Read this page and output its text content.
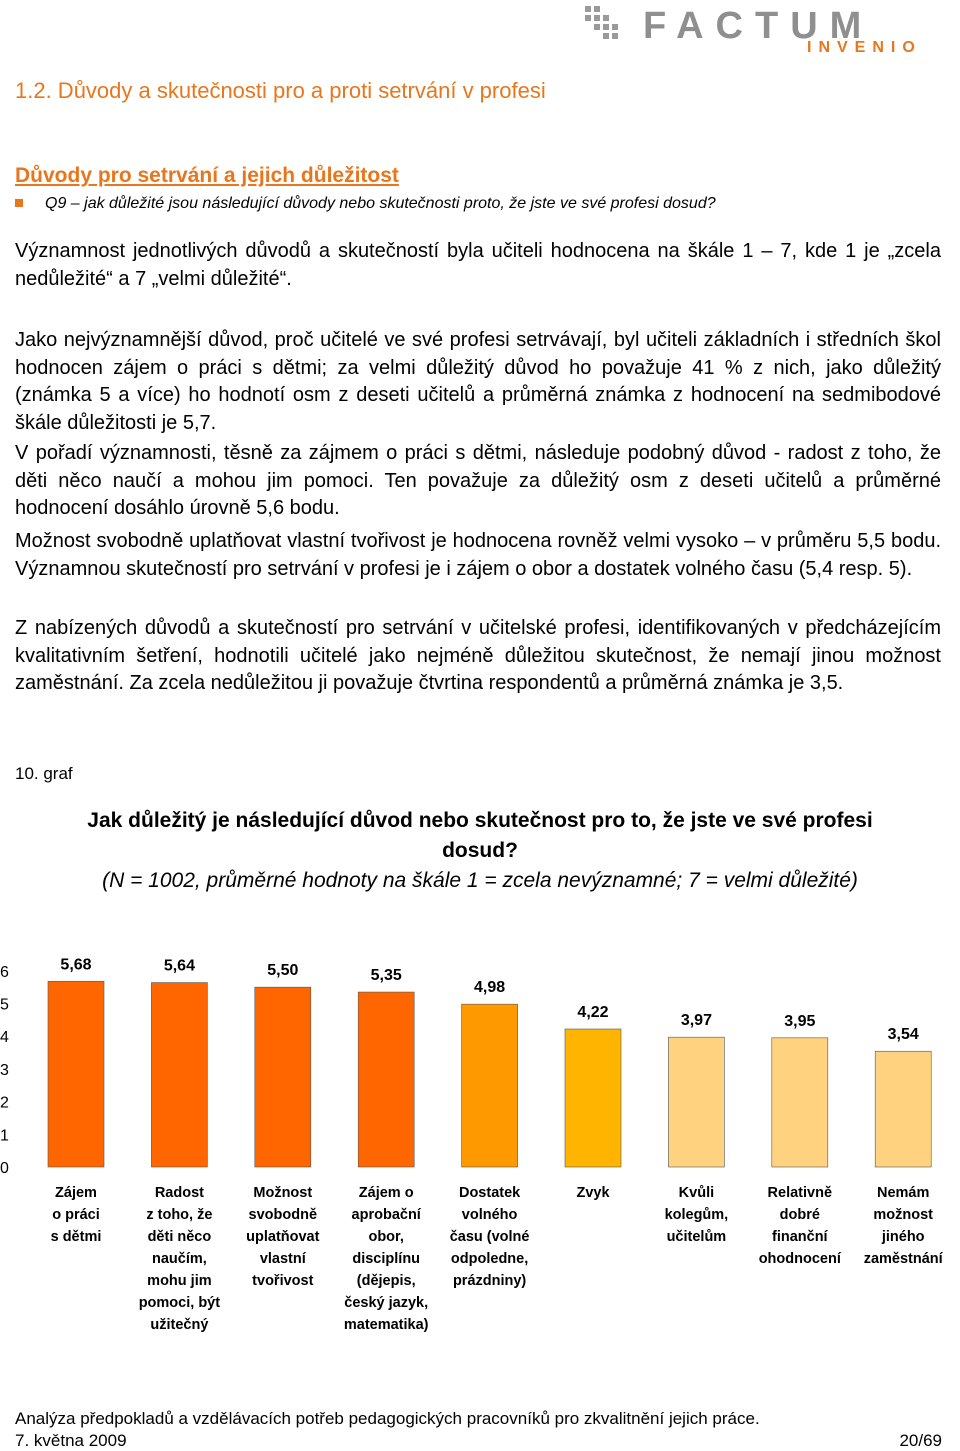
FACTUM
INVENIO
1.2. Důvody a skutečnosti pro a proti setrvání v profesi
Důvody pro setrvání a jejich důležitost
Q9 – jak důležité jsou následující důvody nebo skutečnosti proto, že jste ve své profesi dosud?

Významnost jednotlivých důvodů a skutečností byla učiteli hodnocena na škále 1 – 7, kde 1 je „zcela nedůležité“ a 7 „velmi důležité“.

Jako nejvýznamnější důvod, proč učitelé ve své profesi setrvávají, byl učiteli základních i středních škol hodnocen zájem o práci s dětmi; za velmi důležitý důvod ho považuje 41 % z nich, jako důležitý (známka 5 a více) ho hodnotí osm z deseti učitelů a průměrná známka z hodnocení na sedmibodové škále důležitosti je 5,7.

V pořadí významnosti, těsně za zájmem o práci s dětmi, následuje podobný důvod - radost z toho, že děti něco naučí a mohou jim pomoci. Ten považuje za důležitý osm z deseti učitelů a průměrné hodnocení dosáhlo úrovně 5,6 bodu.

Možnost svobodně uplatňovat vlastní tvořivost je hodnocena rovněž velmi vysoko – v průměru 5,5 bodu. Významnou skutečností pro setrvání v profesi je i zájem o obor a dostatek volného času (5,4 resp. 5).

Z nabízených důvodů a skutečností pro setrvání v učitelské profesi, identifikovaných v předcházejícím kvalitativním šetření, hodnotili učitelé jako nejméně důležitou skutečnost, že nemají jinou možnost zaměstnání. Za zcela nedůležitou ji považuje čtvrtina respondentů a průměrná známka je 3,5.

10. graf
Jak důležitý je následující důvod nebo skutečnost pro to, že jste ve své profesi dosud?
(N = 1002, průměrné hodnoty na škále 1 = zcela nevýznamné; 7 = velmi důležité)
0
1
2
3
4
5
6	5,68
Zájem
o práci
s dětmi
5,64
Radost
z toho, že
děti něco
naučím,
mohu jim
pomoci, být
užitečný
5,50
Možnost
svobodně
uplatňovat
vlastní
tvořivost
5,35
Zájem o
aprobační
obor,
disciplínu
(dějepis,
český jazyk,
matematika)
4,98
Dostatek
volného
času (volné
odpoledne,
prázdniny)
4,22
Zvyk
3,97
Kvůli
kolegům,
učitelům
3,95
Relativně
dobré
finanční
ohodnocení
3,54
Nemám
možnost
jiného
zaměstnání
Analýza předpokladů a vzdělávacích potřeb pedagogických pracovníků pro zkvalitnění jejich práce.
7. května 2009	20/69
